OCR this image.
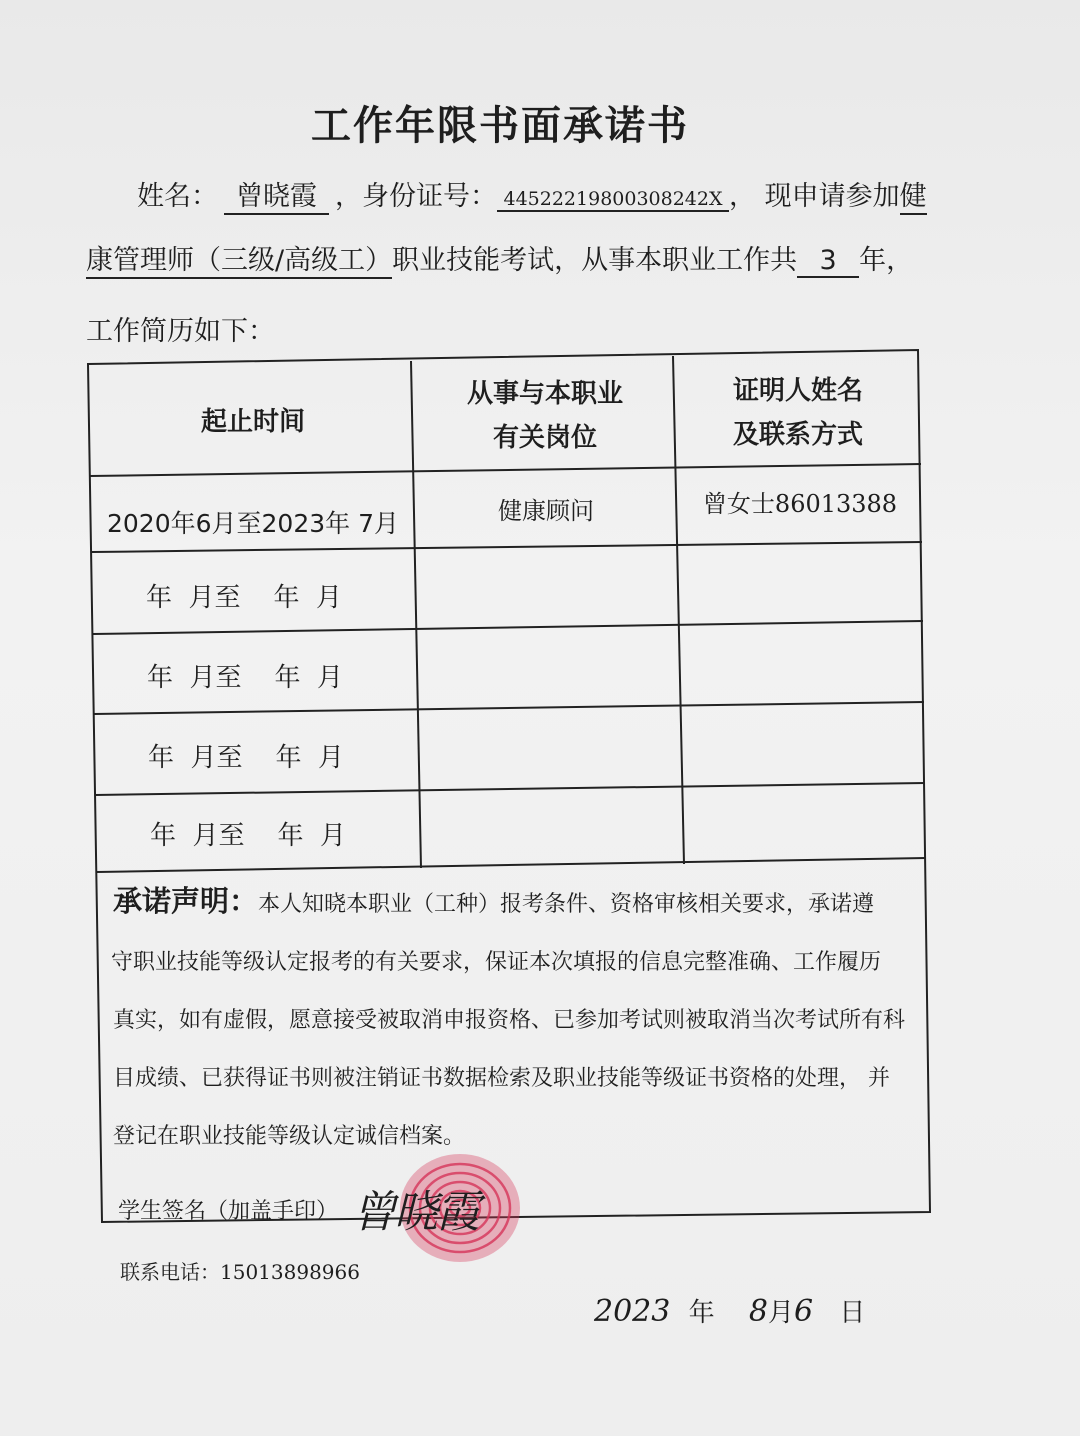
工作年限书面承诺书
姓名： 曾晓霞 ，身份证号： 44522219800308242X ， 现申请参加健
康管理师（三级/高级工）职业技能考试，从事本职业工作共 3 年，
工作简历如下：
起止时间
从事与本职业
有关岗位
证明人姓名
及联系方式
2020年6月至2023年 7月	健康顾问	曾女士86013388
年  月至    年  月
年  月至    年  月
年  月至    年  月
年  月至    年  月
承诺声明：本人知晓本职业（工种）报考条件、资格审核相关要求，承诺遵
守职业技能等级认定报考的有关要求，保证本次填报的信息完整准确、工作履历
真实，如有虚假，愿意接受被取消申报资格、已参加考试则被取消当次考试所有科
目成绩、已获得证书则被注销证书数据检索及职业技能等级证书资格的处理， 并
登记在职业技能等级认定诚信档案。
学生签名（加盖手印） 曾晓霞
联系电话：15013898966
2023 年 8月6 日
